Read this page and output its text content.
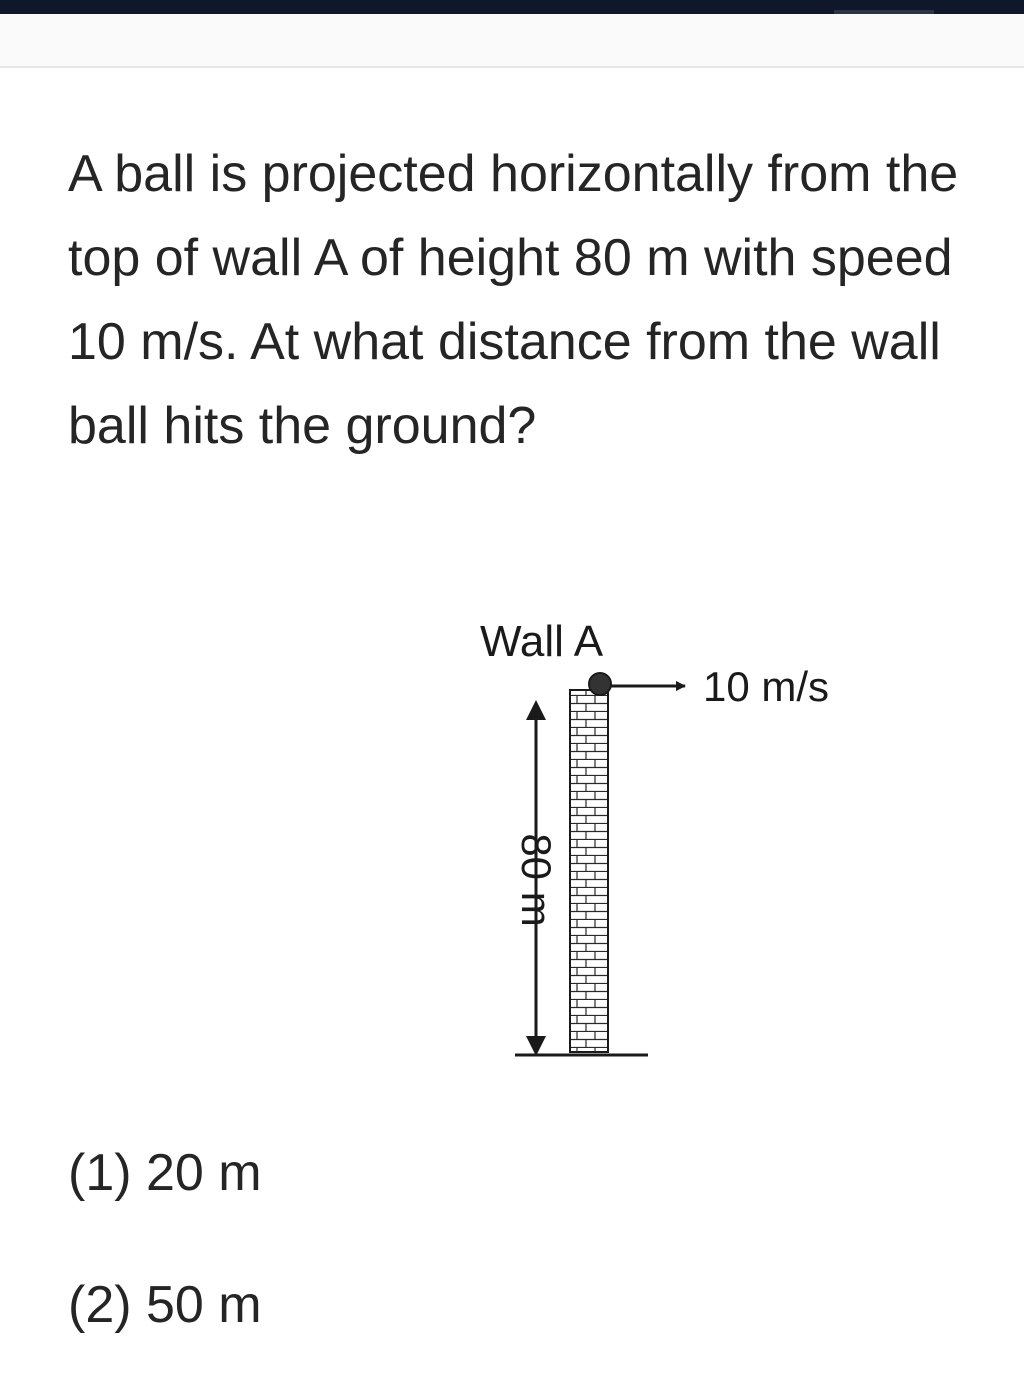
A ball is projected horizontally from the top of wall A of height 80 m with speed 10 m/s. At what distance from the wall ball hits the ground?

Wall A
80 m
10 m/s
(1) 20 m
(2) 50 m
